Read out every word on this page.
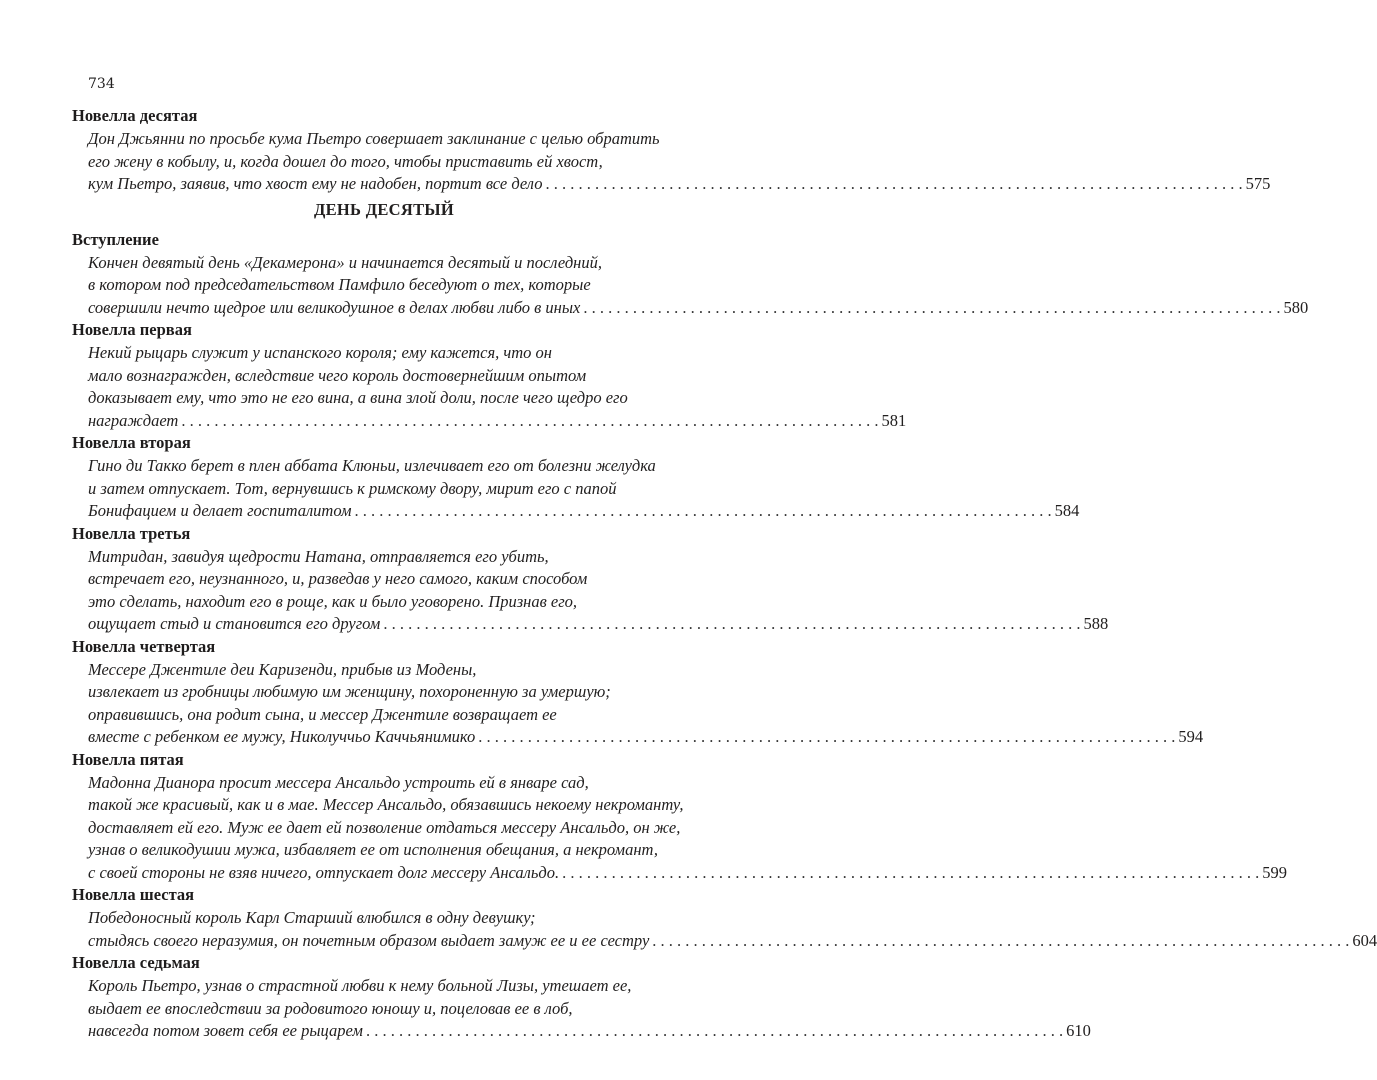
734
Новелла десятая
Дон Джьянни по просьбе кума Пьетро совершает заклинание с целью обратить
его жену в кобылу, и, когда дошел до того, чтобы приставить ей хвост,
кум Пьетро, заявив, что хвост ему не надобен, портит все дело . . . . . . . . . . . . . . . . . . . . . . . . . . . . . . . . . . . . . . . . . . . . . . . . . . . . . . . . . . . . . . . . . . . . . . . . . . . . . . . . . . . . . 575
ДЕНЬ ДЕСЯТЫЙ
Вступление
Кончен девятый день «Декамерона» и начинается десятый и последний,
в котором под председательством Памфило беседуют о тех, которые
совершили нечто щедрое или великодушное в делах любви либо в иных . . . . . . . . . . . . . . . . . . . . . . . . . . . . . . . . . . . . . . . . . . . . . . . . . . . . . . . . . . . . . . . . . . . . . . . . . . . . . . . . . . . . . 580
Новелла первая
Некий рыцарь служит у испанского короля; ему кажется, что он
мало вознагражден, вследствие чего король достовернейшим опытом
доказывает ему, что это не его вина, а вина злой доли, после чего щедро его
награждает . . . . . . . . . . . . . . . . . . . . . . . . . . . . . . . . . . . . . . . . . . . . . . . . . . . . . . . . . . . . . . . . . . . . . . . . . . . . . . . . . . . . . 581
Новелла вторая
Гино ди Такко берет в плен аббата Клюньи, излечивает его от болезни желудка
и затем отпускает. Тот, вернувшись к римскому двору, мирит его с папой
Бонифацием и делает госпиталитом . . . . . . . . . . . . . . . . . . . . . . . . . . . . . . . . . . . . . . . . . . . . . . . . . . . . . . . . . . . . . . . . . . . . . . . . . . . . . . . . . . . . . 584
Новелла третья
Митридан, завидуя щедрости Натана, отправляется его убить,
встречает его, неузнанного, и, разведав у него самого, каким способом
это сделать, находит его в роще, как и было уговорено. Признав его,
ощущает стыд и становится его другом . . . . . . . . . . . . . . . . . . . . . . . . . . . . . . . . . . . . . . . . . . . . . . . . . . . . . . . . . . . . . . . . . . . . . . . . . . . . . . . . . . . . . 588
Новелла четвертая
Мессере Джентиле деи Каризенди, прибыв из Модены,
извлекает из гробницы любимую им женщину, похороненную за умершую;
оправившись, она родит сына, и мессер Джентиле возвращает ее
вместе с ребенком ее мужу, Николуччьо Каччьянимико . . . . . . . . . . . . . . . . . . . . . . . . . . . . . . . . . . . . . . . . . . . . . . . . . . . . . . . . . . . . . . . . . . . . . . . . . . . . . . . . . . . . . 594
Новелла пятая
Мадонна Дианора просит мессера Ансальдо устроить ей в январе сад,
такой же красивый, как и в мае. Мессер Ансальдо, обязавшись некоему некроманту,
доставляет ей его. Муж ее дает ей позволение отдаться мессеру Ансальдо, он же,
узнав о великодушии мужа, избавляет ее от исполнения обещания, а некромант,
с своей стороны не взяв ничего, отпускает долг мессеру Ансальдо. . . . . . . . . . . . . . . . . . . . . . . . . . . . . . . . . . . . . . . . . . . . . . . . . . . . . . . . . . . . . . . . . . . . . . . . . . . . . . . . . . . . . . 599
Новелла шестая
Победоносный король Карл Старший влюбился в одну девушку;
стыдясь своего неразумия, он почетным образом выдает замуж ее и ее сестру . . . . . . . . . . . . . . . . . . . . . . . . . . . . . . . . . . . . . . . . . . . . . . . . . . . . . . . . . . . . . . . . . . . . . . . . . . . . . . . . . . . . . 604
Новелла седьмая
Король Пьетро, узнав о страстной любви к нему больной Лизы, утешает ее,
выдает ее впоследствии за родовитого юношу и, поцеловав ее в лоб,
навсегда потом зовет себя ее рыцарем . . . . . . . . . . . . . . . . . . . . . . . . . . . . . . . . . . . . . . . . . . . . . . . . . . . . . . . . . . . . . . . . . . . . . . . . . . . . . . . . . . . . . 610
